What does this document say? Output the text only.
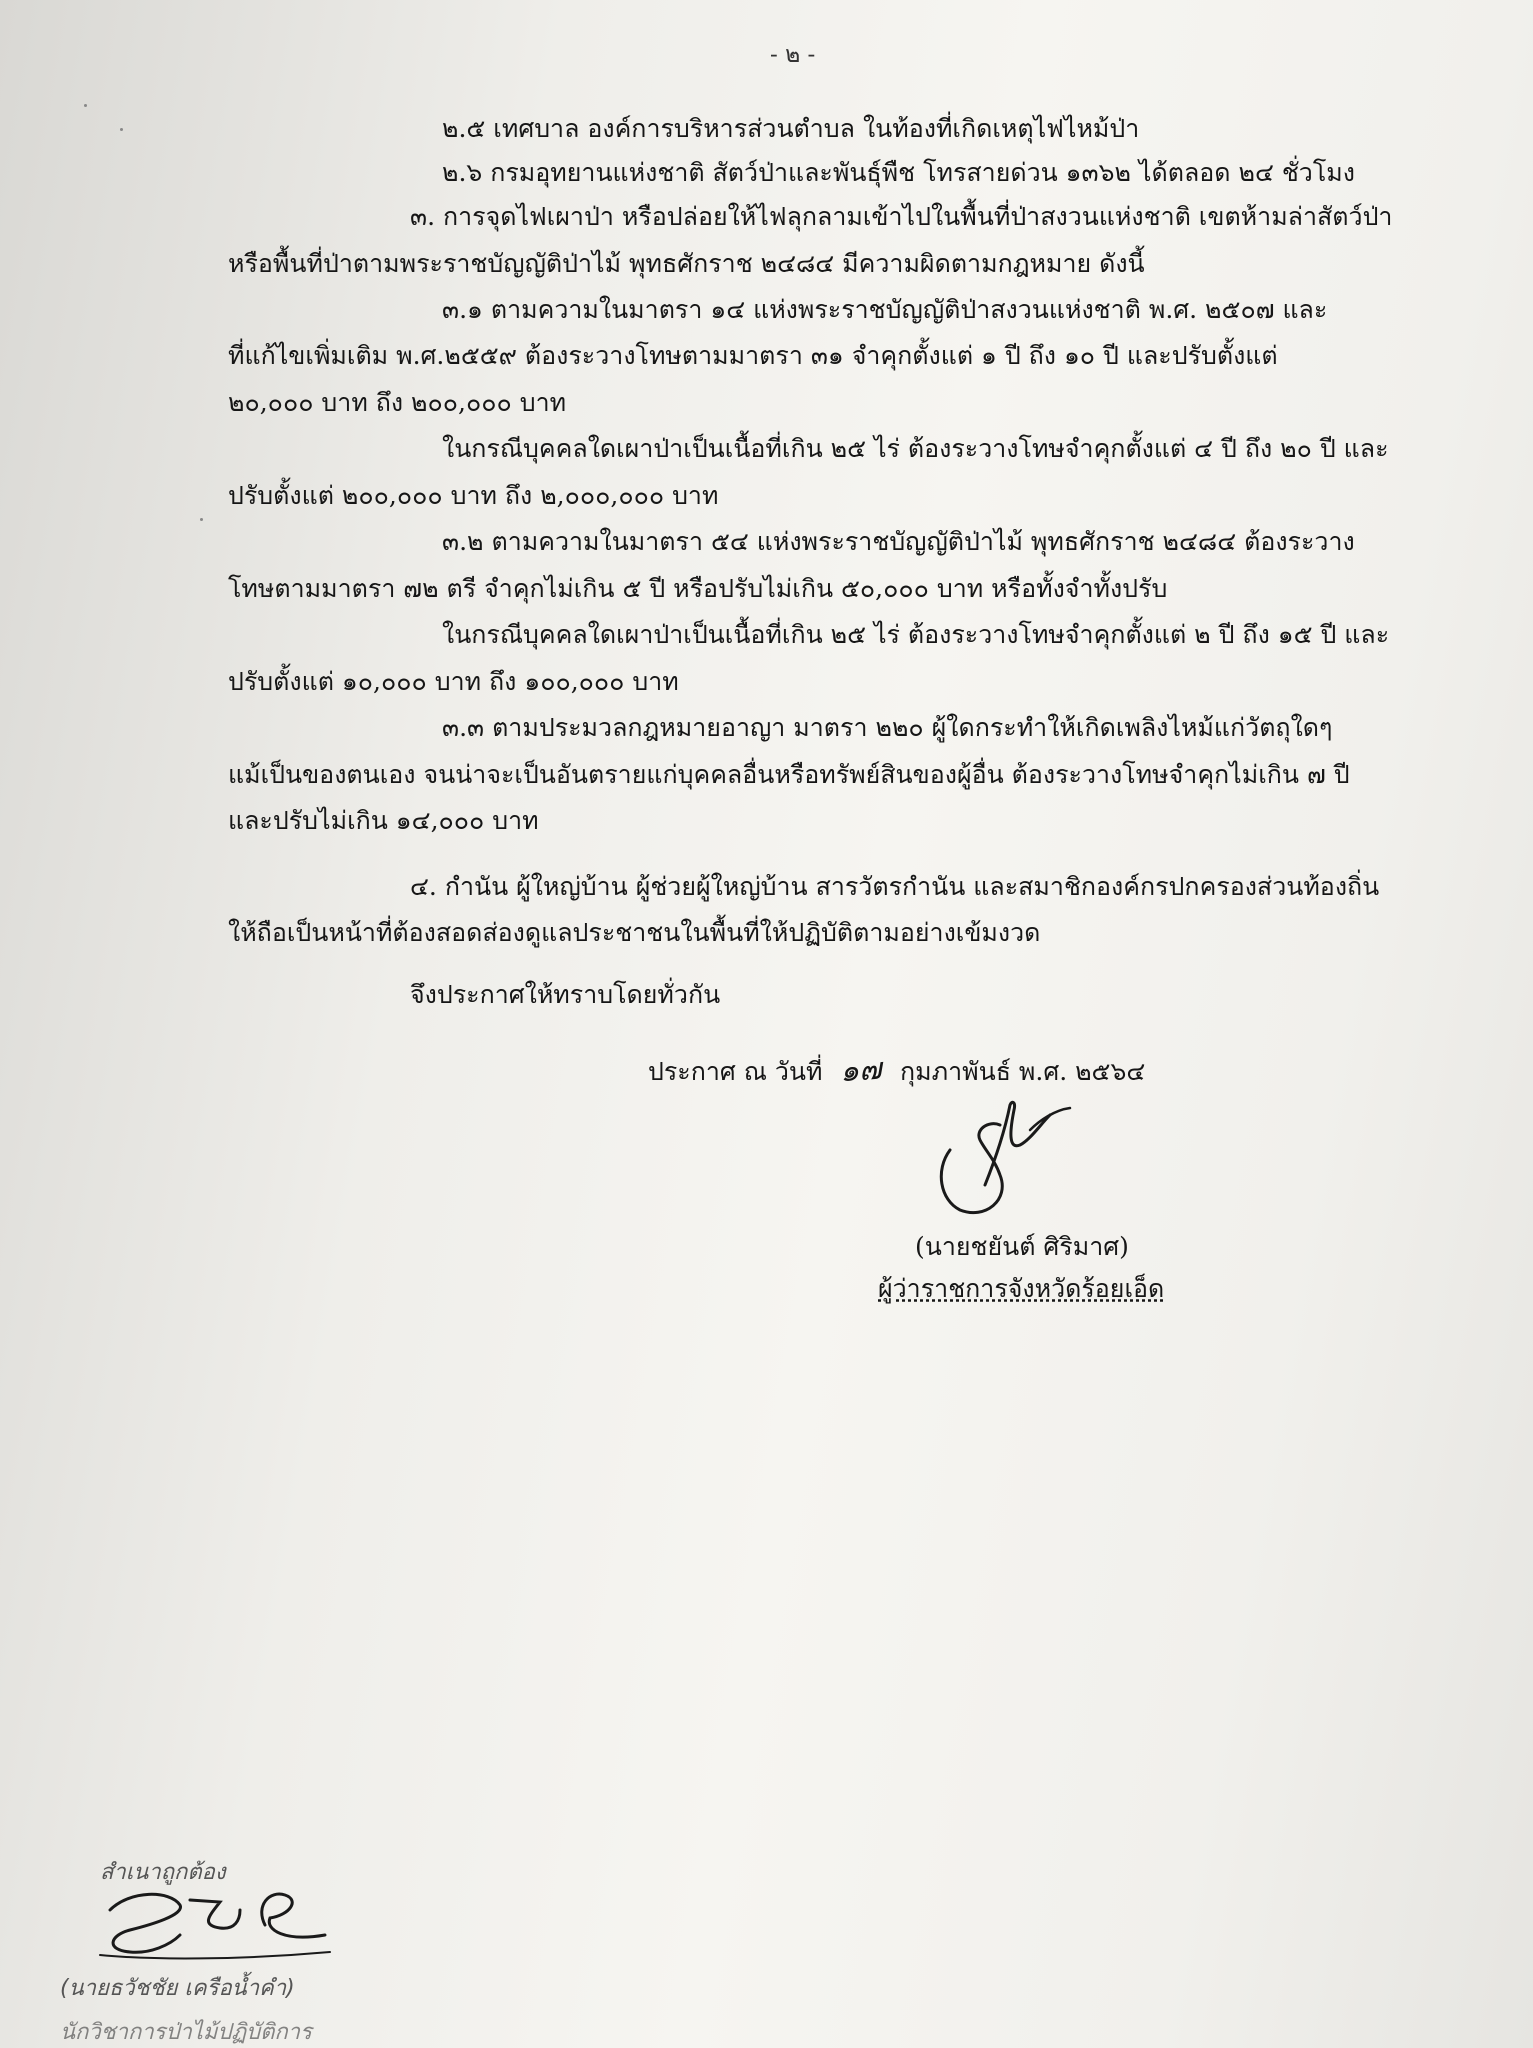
- ๒ -
๒.๕ เทศบาล องค์การบริหารส่วนตำบล ในท้องที่เกิดเหตุไฟไหม้ป่า
๒.๖ กรมอุทยานแห่งชาติ สัตว์ป่าและพันธุ์พืช โทรสายด่วน ๑๓๖๒ ได้ตลอด ๒๔ ชั่วโมง
๓. การจุดไฟเผาป่า หรือปล่อยให้ไฟลุกลามเข้าไปในพื้นที่ป่าสงวนแห่งชาติ เขตห้ามล่าสัตว์ป่า
หรือพื้นที่ป่าตามพระราชบัญญัติป่าไม้ พุทธศักราช ๒๔๘๔ มีความผิดตามกฎหมาย ดังนี้
๓.๑ ตามความในมาตรา ๑๔ แห่งพระราชบัญญัติป่าสงวนแห่งชาติ พ.ศ. ๒๕๐๗ และ
ที่แก้ไขเพิ่มเติม พ.ศ.๒๕๕๙ ต้องระวางโทษตามมาตรา ๓๑ จำคุกตั้งแต่ ๑ ปี ถึง ๑๐ ปี และปรับตั้งแต่
๒๐,๐๐๐ บาท ถึง ๒๐๐,๐๐๐ บาท
ในกรณีบุคคลใดเผาป่าเป็นเนื้อที่เกิน ๒๕ ไร่ ต้องระวางโทษจำคุกตั้งแต่ ๔ ปี ถึง ๒๐ ปี และ
ปรับตั้งแต่ ๒๐๐,๐๐๐ บาท ถึง ๒,๐๐๐,๐๐๐ บาท
๓.๒ ตามความในมาตรา ๕๔ แห่งพระราชบัญญัติป่าไม้ พุทธศักราช ๒๔๘๔ ต้องระวาง
โทษตามมาตรา ๗๒ ตรี จำคุกไม่เกิน ๕ ปี หรือปรับไม่เกิน ๕๐,๐๐๐ บาท หรือทั้งจำทั้งปรับ
ในกรณีบุคคลใดเผาป่าเป็นเนื้อที่เกิน ๒๕ ไร่ ต้องระวางโทษจำคุกตั้งแต่ ๒ ปี ถึง ๑๕ ปี และ
ปรับตั้งแต่ ๑๐,๐๐๐ บาท ถึง ๑๐๐,๐๐๐ บาท
๓.๓ ตามประมวลกฎหมายอาญา มาตรา ๒๒๐ ผู้ใดกระทำให้เกิดเพลิงไหม้แก่วัตถุใดๆ
แม้เป็นของตนเอง จนน่าจะเป็นอันตรายแก่บุคคลอื่นหรือทรัพย์สินของผู้อื่น ต้องระวางโทษจำคุกไม่เกิน ๗ ปี
และปรับไม่เกิน ๑๔,๐๐๐ บาท
๔. กำนัน ผู้ใหญ่บ้าน ผู้ช่วยผู้ใหญ่บ้าน สารวัตรกำนัน และสมาชิกองค์กรปกครองส่วนท้องถิ่น
ให้ถือเป็นหน้าที่ต้องสอดส่องดูแลประชาชนในพื้นที่ให้ปฏิบัติตามอย่างเข้มงวด
จึงประกาศให้ทราบโดยทั่วกัน
ประกาศ ณ วันที่ ๑๗ กุมภาพันธ์ พ.ศ. ๒๕๖๔
(นายชยันต์ ศิริมาศ)
ผู้ว่าราชการจังหวัดร้อยเอ็ด
สำเนาถูกต้อง
(นายธวัชชัย เครือน้ำคำ)
นักวิชาการป่าไม้ปฏิบัติการ
